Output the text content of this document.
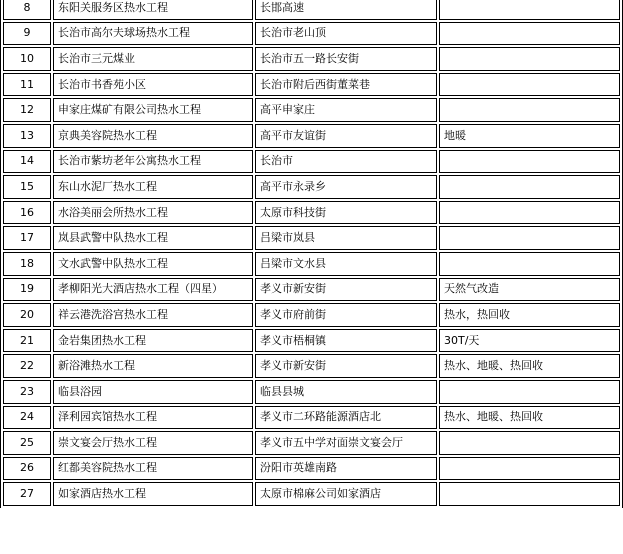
8	东阳关服务区热水工程	长邯高速	
9	长治市高尔夫球场热水工程	长治市老山顶	
10	长治市三元煤业	长治市五一路长安街	
11	长治市书香苑小区	长治市附后西街董菜巷	
12	申家庄煤矿有限公司热水工程	高平申家庄	
13	京典美容院热水工程	高平市友谊街	地暖
14	长治市紫坊老年公寓热水工程	长治市	
15	东山水泥厂热水工程	高平市永录乡	
16	水浴美丽会所热水工程	太原市科技街	
17	岚县武警中队热水工程	吕梁市岚县	
18	文水武警中队热水工程	吕梁市文水县	
19	孝柳阳光大酒店热水工程（四星）	孝义市新安街	天然气改造
20	祥云港洗浴宫热水工程	孝义市府前街	热水，热回收
21	金岩集团热水工程	孝义市梧桐镇	30T/天
22	新浴滩热水工程	孝义市新安街	热水、地暖、热回收
23	临县浴园	临县县城	
24	泽利园宾馆热水工程	孝义市二环路能源酒店北	热水、地暖、热回收
25	崇文宴会厅热水工程	孝义市五中学对面崇文宴会厅	
26	红都美容院热水工程	汾阳市英雄南路	
27	如家酒店热水工程	太原市棉麻公司如家酒店	
